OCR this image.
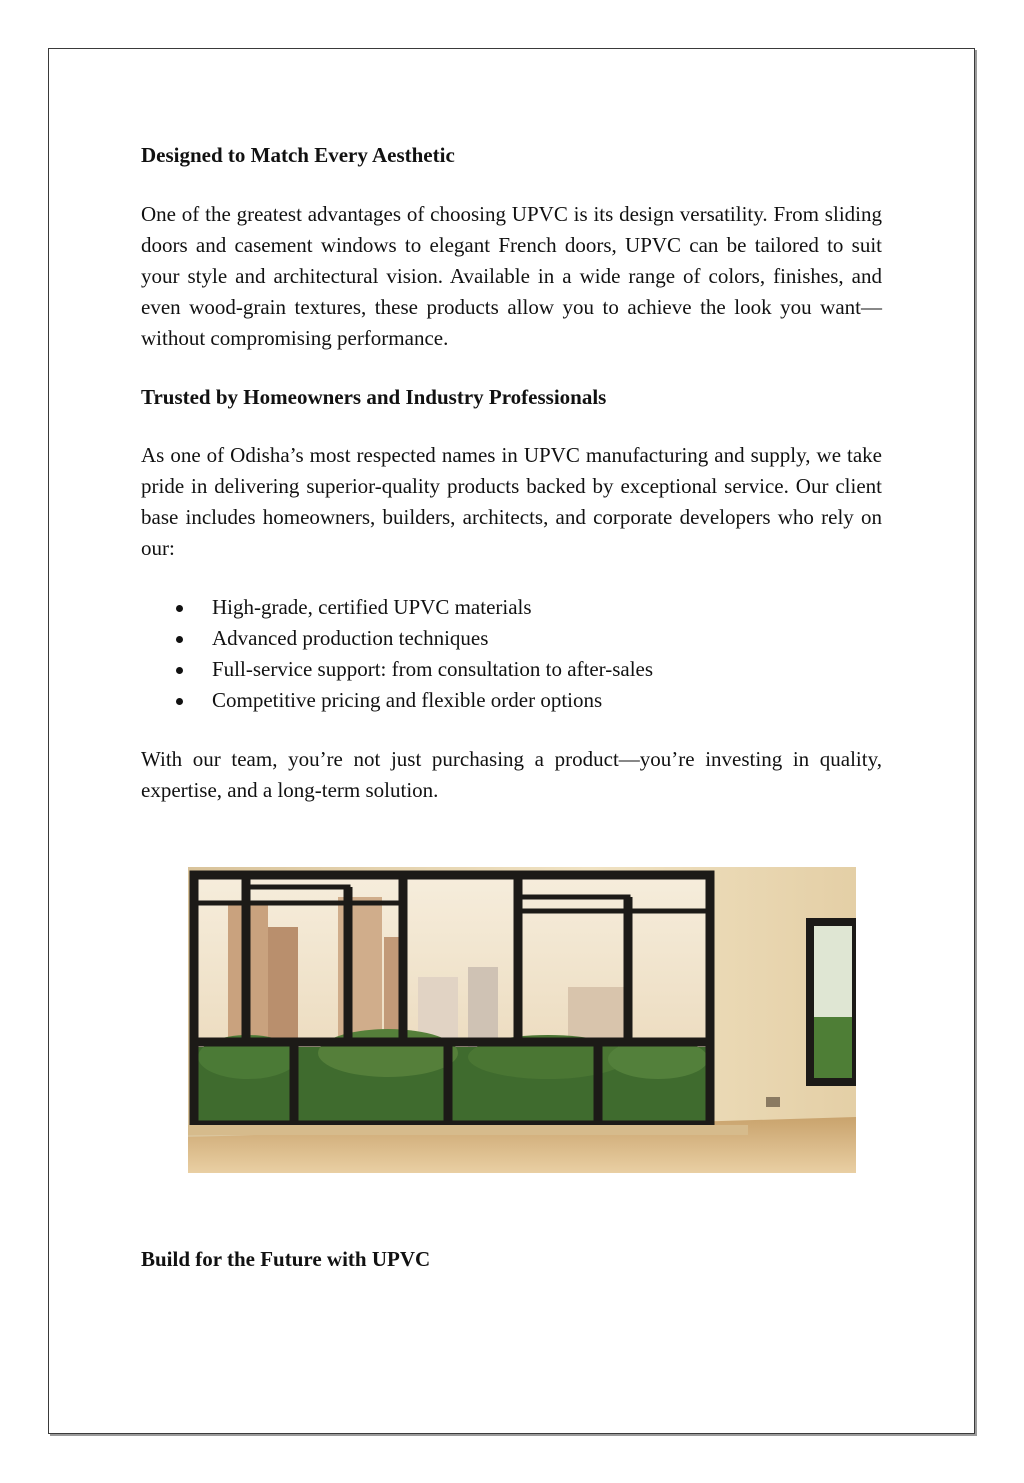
Designed to Match Every Aesthetic

One of the greatest advantages of choosing UPVC is its design versatility. From sliding doors and casement windows to elegant French doors, UPVC can be tailored to suit your style and architectural vision. Available in a wide range of colors, finishes, and even wood-grain textures, these products allow you to achieve the look you want—without compromising performance.

Trusted by Homeowners and Industry Professionals

As one of Odisha’s most respected names in UPVC manufacturing and supply, we take pride in delivering superior-quality products backed by exceptional service. Our client base includes homeowners, builders, architects, and corporate developers who rely on our:

High-grade, certified UPVC materials
Advanced production techniques
Full-service support: from consultation to after-sales
Competitive pricing and flexible order options

With our team, you’re not just purchasing a product—you’re investing in quality, expertise, and a long-term solution.

Build for the Future with UPVC
